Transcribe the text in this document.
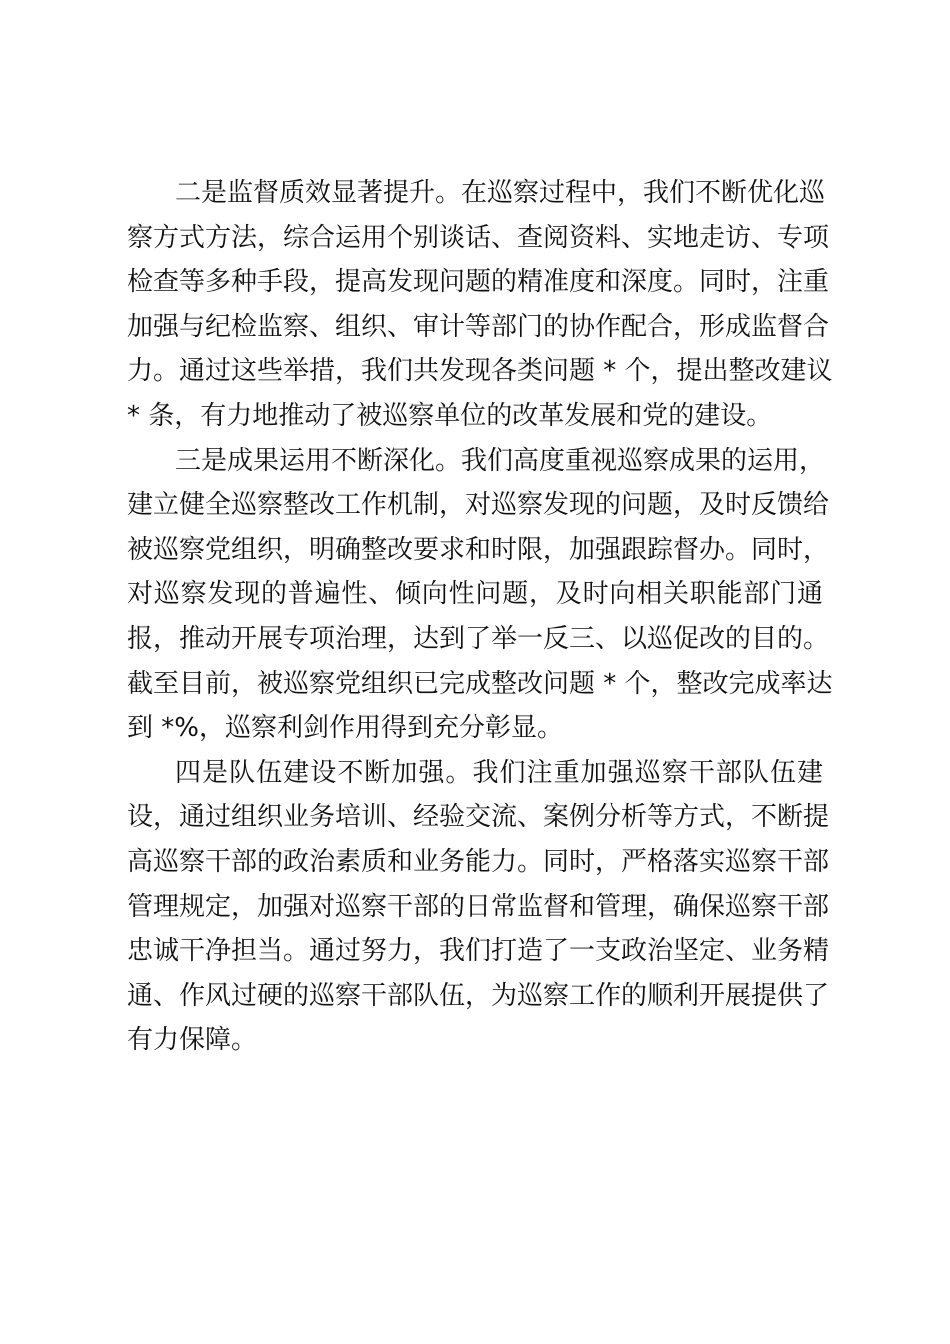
二是监督质效显著提升。在巡察过程中，我们不断优化巡
察方式方法，综合运用个别谈话、查阅资料、实地走访、专项
检查等多种手段，提高发现问题的精准度和深度。同时，注重
加强与纪检监察、组织、审计等部门的协作配合，形成监督合
力。通过这些举措，我们共发现各类问题 * 个，提出整改建议
* 条，有力地推动了被巡察单位的改革发展和党的建设。
三是成果运用不断深化。我们高度重视巡察成果的运用，
建立健全巡察整改工作机制，对巡察发现的问题，及时反馈给
被巡察党组织，明确整改要求和时限，加强跟踪督办。同时，
对巡察发现的普遍性、倾向性问题，及时向相关职能部门通
报，推动开展专项治理，达到了举一反三、以巡促改的目的。
截至目前，被巡察党组织已完成整改问题 * 个，整改完成率达
到 *%，巡察利剑作用得到充分彰显。
四是队伍建设不断加强。我们注重加强巡察干部队伍建
设，通过组织业务培训、经验交流、案例分析等方式，不断提
高巡察干部的政治素质和业务能力。同时，严格落实巡察干部
管理规定，加强对巡察干部的日常监督和管理，确保巡察干部
忠诚干净担当。通过努力，我们打造了一支政治坚定、业务精
通、作风过硬的巡察干部队伍，为巡察工作的顺利开展提供了
有力保障。
